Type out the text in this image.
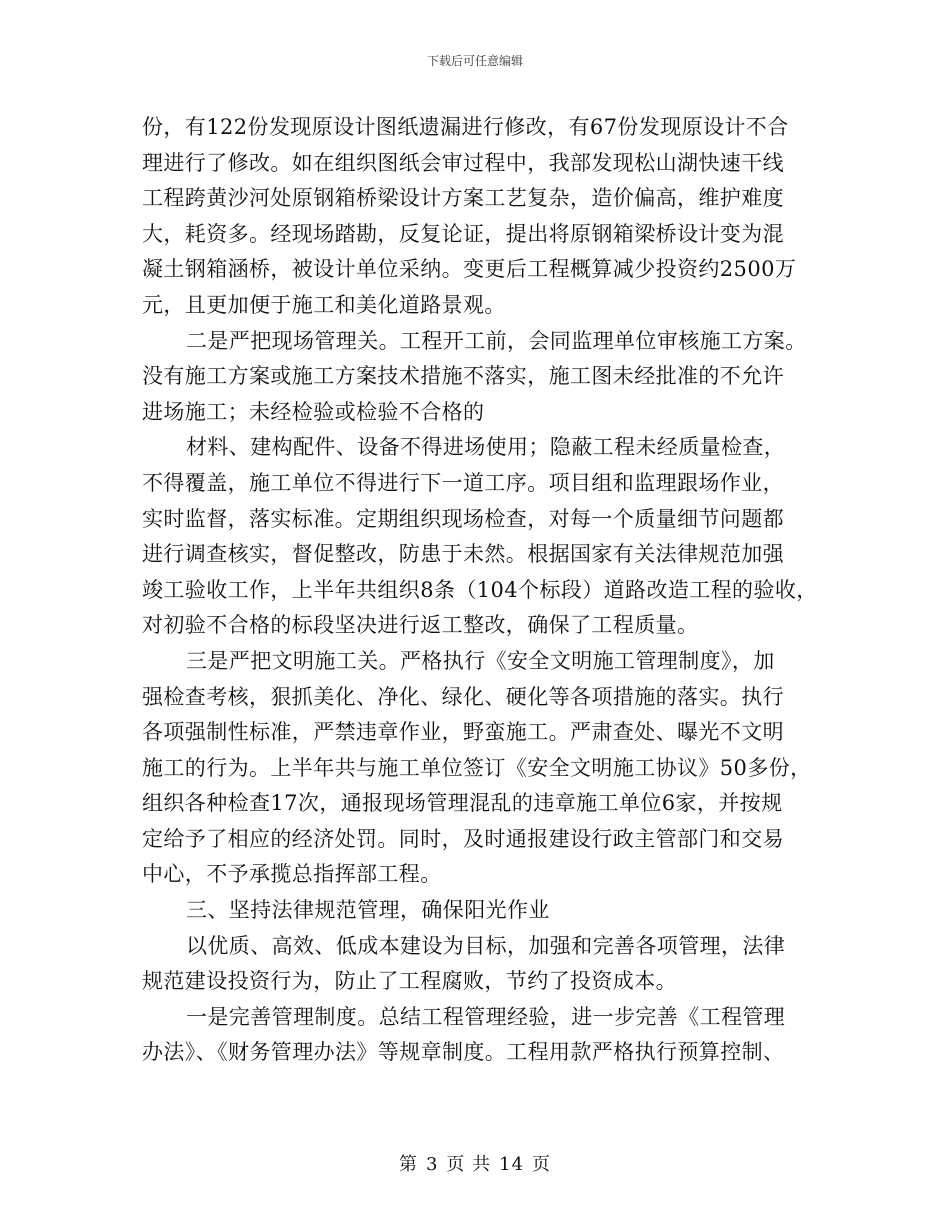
下载后可任意编辑
份，有122份发现原设计图纸遗漏进行修改，有67份发现原设计不合
理进行了修改。如在组织图纸会审过程中，我部发现松山湖快速干线
工程跨黄沙河处原钢箱桥梁设计方案工艺复杂，造价偏高，维护难度
大，耗资多。经现场踏勘，反复论证，提出将原钢箱梁桥设计变为混
凝土钢箱涵桥，被设计单位采纳。变更后工程概算减少投资约2500万
元，且更加便于施工和美化道路景观。
二是严把现场管理关。工程开工前，会同监理单位审核施工方案。
没有施工方案或施工方案技术措施不落实，施工图未经批准的不允许
进场施工；未经检验或检验不合格的
材料、建构配件、设备不得进场使用；隐蔽工程未经质量检查，
不得覆盖，施工单位不得进行下一道工序。项目组和监理跟场作业，
实时监督，落实标准。定期组织现场检查，对每一个质量细节问题都
进行调查核实，督促整改，防患于未然。根据国家有关法律规范加强
竣工验收工作，上半年共组织8条（104个标段）道路改造工程的验收，
对初验不合格的标段坚决进行返工整改，确保了工程质量。
三是严把文明施工关。严格执行《安全文明施工管理制度》，加
强检查考核，狠抓美化、净化、绿化、硬化等各项措施的落实。执行
各项强制性标准，严禁违章作业，野蛮施工。严肃查处、曝光不文明
施工的行为。上半年共与施工单位签订《安全文明施工协议》50多份，
组织各种检查17次，通报现场管理混乱的违章施工单位6家，并按规
定给予了相应的经济处罚。同时，及时通报建设行政主管部门和交易
中心，不予承揽总指挥部工程。
三、坚持法律规范管理，确保阳光作业
以优质、高效、低成本建设为目标，加强和完善各项管理，法律
规范建设投资行为，防止了工程腐败，节约了投资成本。
一是完善管理制度。总结工程管理经验，进一步完善《工程管理
办法》、《财务管理办法》等规章制度。工程用款严格执行预算控制、
第 3 页 共 14 页
